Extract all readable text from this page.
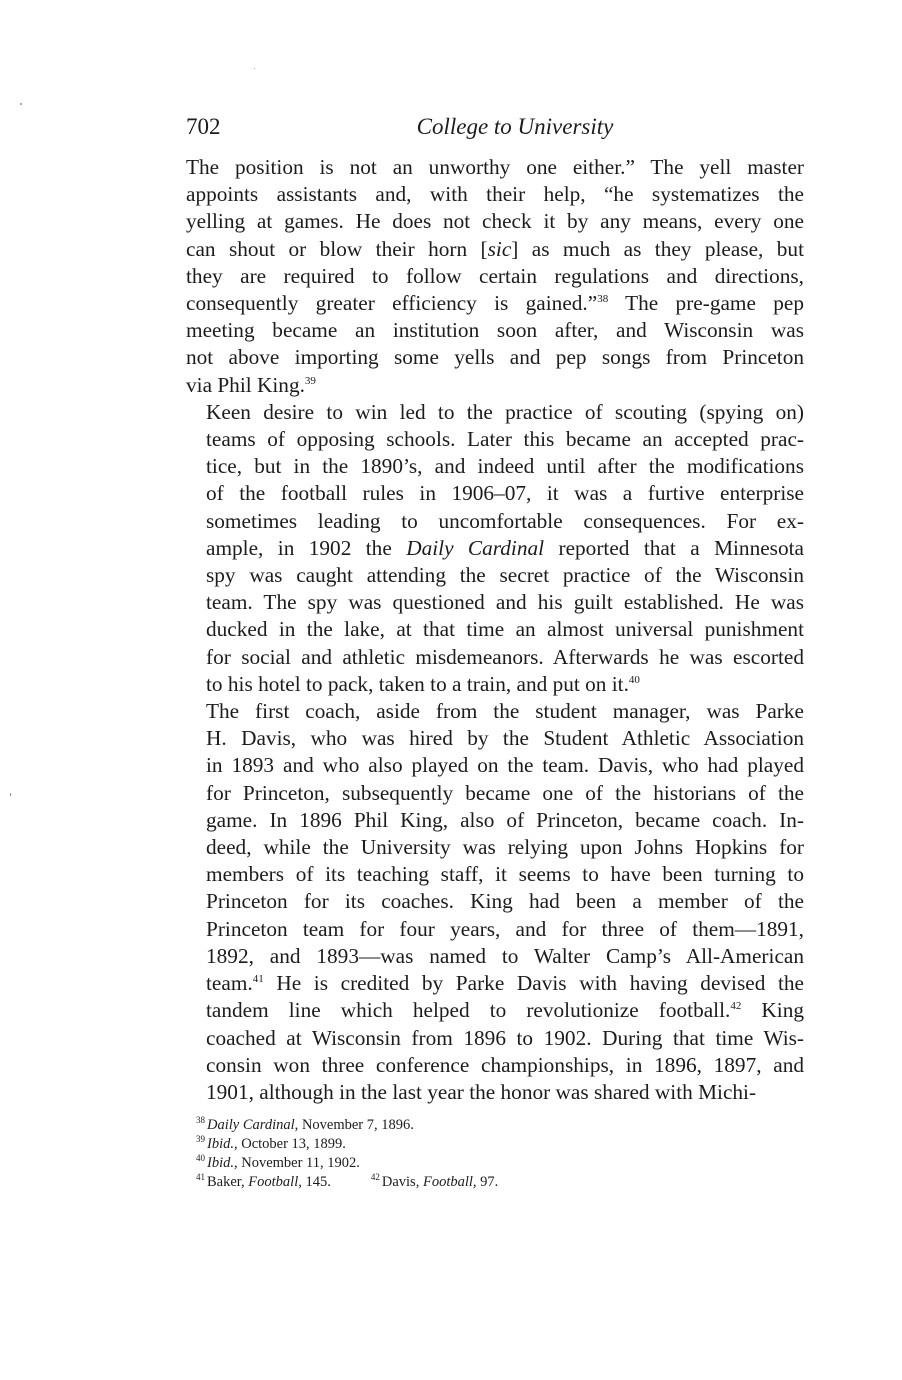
702	College to University

The position is not an unworthy one either.” The yell master
appoints assistants and, with their help, “he systematizes the
yelling at games. He does not check it by any means, every one
can shout or blow their horn [sic] as much as they please, but
they are required to follow certain regulations and directions,
consequently greater efficiency is gained.”$^{38}$ The pre-game pep
meeting became an institution soon after, and Wisconsin was
not above importing some yells and pep songs from Princeton
via Phil King.$^{39}$

Keen desire to win led to the practice of scouting (spying on)
teams of opposing schools. Later this became an accepted prac-
tice, but in the 1890’s, and indeed until after the modifications
of the football rules in 1906–07, it was a furtive enterprise
sometimes leading to uncomfortable consequences. For ex-
ample, in 1902 the Daily Cardinal reported that a Minnesota
spy was caught attending the secret practice of the Wisconsin
team. The spy was questioned and his guilt established. He was
ducked in the lake, at that time an almost universal punishment
for social and athletic misdemeanors. Afterwards he was escorted
to his hotel to pack, taken to a train, and put on it.$^{40}$

The first coach, aside from the student manager, was Parke
H. Davis, who was hired by the Student Athletic Association
in 1893 and who also played on the team. Davis, who had played
for Princeton, subsequently became one of the historians of the
game. In 1896 Phil King, also of Princeton, became coach. In-
deed, while the University was relying upon Johns Hopkins for
members of its teaching staff, it seems to have been turning to
Princeton for its coaches. King had been a member of the
Princeton team for four years, and for three of them—1891,
1892, and 1893—was named to Walter Camp’s All-American
team.$^{41}$ He is credited by Parke Davis with having devised the
tandem line which helped to revolutionize football.$^{42}$ King
coached at Wisconsin from 1896 to 1902. During that time Wis-
consin won three conference championships, in 1896, 1897, and
1901, although in the last year the honor was shared with Michi-

$^{38}$ Daily Cardinal, November 7, 1896.
$^{39}$ Ibid., October 13, 1899.
$^{40}$ Ibid., November 11, 1902.
$^{41}$ Baker, Football, 145.	$^{42}$ Davis, Football, 97.
